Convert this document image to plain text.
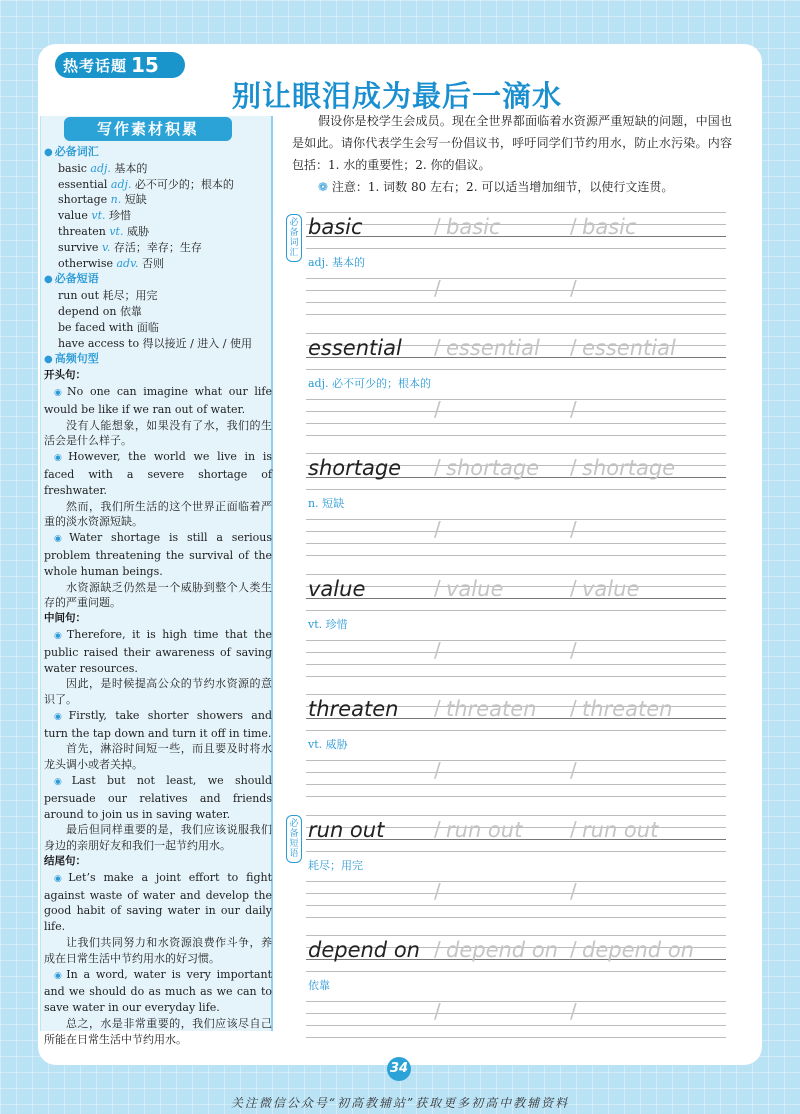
热考话题 15
别让眼泪成为最后一滴水
写作素材积累
● 必备词汇
basic adj. 基本的
essential adj. 必不可少的；根本的
shortage n. 短缺
value vt. 珍惜
threaten vt. 威胁
survive v. 存活；幸存；生存
otherwise adv. 否则
● 必备短语
run out 耗尽；用完
depend on 依靠
be faced with 面临
have access to 得以接近 / 进入 / 使用
● 高频句型
开头句：
◉ No one can imagine what our life would be like if we ran out of water.
没有人能想象，如果没有了水，我们的生活会是什么样子。
◉ However, the world we live in is faced with a severe shortage of freshwater.
然而，我们所生活的这个世界正面临着严重的淡水资源短缺。
◉ Water shortage is still a serious problem threatening the survival of the whole human beings.
水资源缺乏仍然是一个威胁到整个人类生存的严重问题。
中间句：
◉ Therefore, it is high time that the public raised their awareness of saving water resources.
因此，是时候提高公众的节约水资源的意识了。
◉ Firstly, take shorter showers and turn the tap down and turn it off in time.
首先，淋浴时间短一些，而且要及时将水龙头调小或者关掉。
◉ Last but not least, we should persuade our relatives and friends around to join us in saving water.
最后但同样重要的是，我们应该说服我们身边的亲朋好友和我们一起节约用水。
结尾句：
◉ Let’s make a joint effort to fight against waste of water and develop the good habit of saving water in our daily life.
让我们共同努力和水资源浪费作斗争，养成在日常生活中节约用水的好习惯。
◉ In a word, water is very important and we should do as much as we can to save water in our everyday life.
总之，水是非常重要的，我们应该尽自己所能在日常生活中节约用水。

假设你是校学生会成员。现在全世界都面临着水资源严重短缺的问题，中国也是如此。请你代表学生会写一份倡议书，呼吁同学们节约用水，防止水污染。内容包括：1. 水的重要性；2. 你的倡议。

❁ 注意：1. 词数 80 左右；2. 可以适当增加细节，以使行文连贯。

必
备
词
汇
必
备
短
语
basic	/ basic	/ basic
adj. 基本的
/	/
essential / essential / essential
adj. 必不可少的；根本的
/	/
shortage / shortage / shortage
n. 短缺
/	/
value	/ value	/ value
vt. 珍惜
/	/
threaten / threaten / threaten
vt. 威胁
/	/
run out / run out / run out
耗尽；用完
/	/
depend on / depend on / depend on
依靠
/	/
34
关注微信公众号“初高教辅站”获取更多初高中教辅资料
